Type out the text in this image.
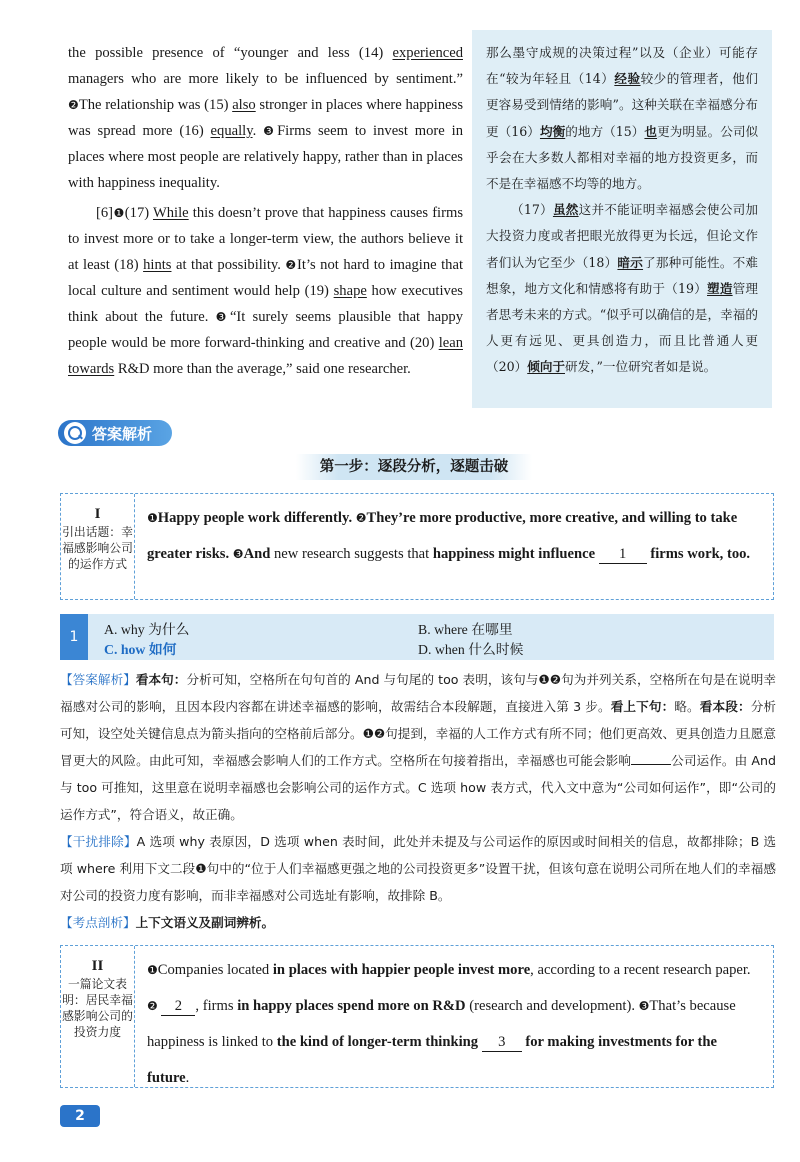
the possible presence of “younger and less (14) experienced managers who are more likely to be influenced by sentiment.” ❷The relationship was (15) also stronger in places where happiness was spread more (16) equally. ❸Firms seem to invest more in places where most people are relatively happy, rather than in places with happiness inequality.

[6]❶(17) While this doesn’t prove that happiness causes firms to invest more or to take a longer-term view, the authors believe it at least (18) hints at that possibility. ❷It’s not hard to imagine that local culture and sentiment would help (19) shape how executives think about the future. ❸“It surely seems plausible that happy people would be more forward-thinking and creative and (20) lean towards R&D more than the average,” said one researcher.

那么墨守成规的决策过程”以及（企业）可能存在“较为年轻且（14）经验较少的管理者，他们更容易受到情绪的影响”。这种关联在幸福感分布更（16）均衡的地方（15）也更为明显。公司似乎会在大多数人都相对幸福的地方投资更多，而不是在幸福感不均等的地方。

（17）虽然这并不能证明幸福感会使公司加大投资力度或者把眼光放得更为长远，但论文作者们认为它至少（18）暗示了那种可能性。不难想象，地方文化和情感将有助于（19）塑造管理者思考未来的方式。“似乎可以确信的是，幸福的人更有远见、更具创造力，而且比普通人更（20）倾向于研发，”一位研究者如是说。

答案解析
第一步：逐段分析，逐题击破
I
引出话题：幸福感影响公司的运作方式
❶Happy people work differently. ❷They’re more productive, more creative, and willing to take greater risks. ❸And new research suggests that happiness might influence 1 firms work, too.
1	A. why 为什么	B. where 在哪里
C. how 如何	D. when 什么时候

【答案解析】看本句：分析可知，空格所在句句首的 And 与句尾的 too 表明，该句与❶❷句为并列关系，空格所在句是在说明幸福感对公司的影响，且因本段内容都在讲述幸福感的影响，故需结合本段解题，直接进入第 3 步。看上下句：略。看本段：分析可知，设空处关键信息点为箭头指向的空格前后部分。❶❷句提到，幸福的人工作方式有所不同；他们更高效、更具创造力且愿意冒更大的风险。由此可知，幸福感会影响人们的工作方式。空格所在句接着指出，幸福感也可能会影响	公司运作。由 And 与 too 可推知，这里意在说明幸福感也会影响公司的运作方式。C 选项 how 表方式，代入文中意为“公司如何运作”，即“公司的运作方式”，符合语义，故正确。

【干扰排除】A 选项 why 表原因，D 选项 when 表时间，此处并未提及与公司运作的原因或时间相关的信息，故都排除；B 选项 where 利用下文二段❶句中的“位于人们幸福感更强之地的公司投资更多”设置干扰，但该句意在说明公司所在地人们的幸福感对公司的投资力度有影响，而非幸福感对公司选址有影响，故排除 B。

【考点剖析】上下文语义及副词辨析。

II
一篇论文表明：居民幸福感影响公司的投资力度
❶Companies located in places with happier people invest more, according to a recent research paper. ❷ 2 , firms in happy places spend more on R&D (research and development). ❸That’s because happiness is linked to the kind of longer-term thinking 3 for making investments for the future.
2
